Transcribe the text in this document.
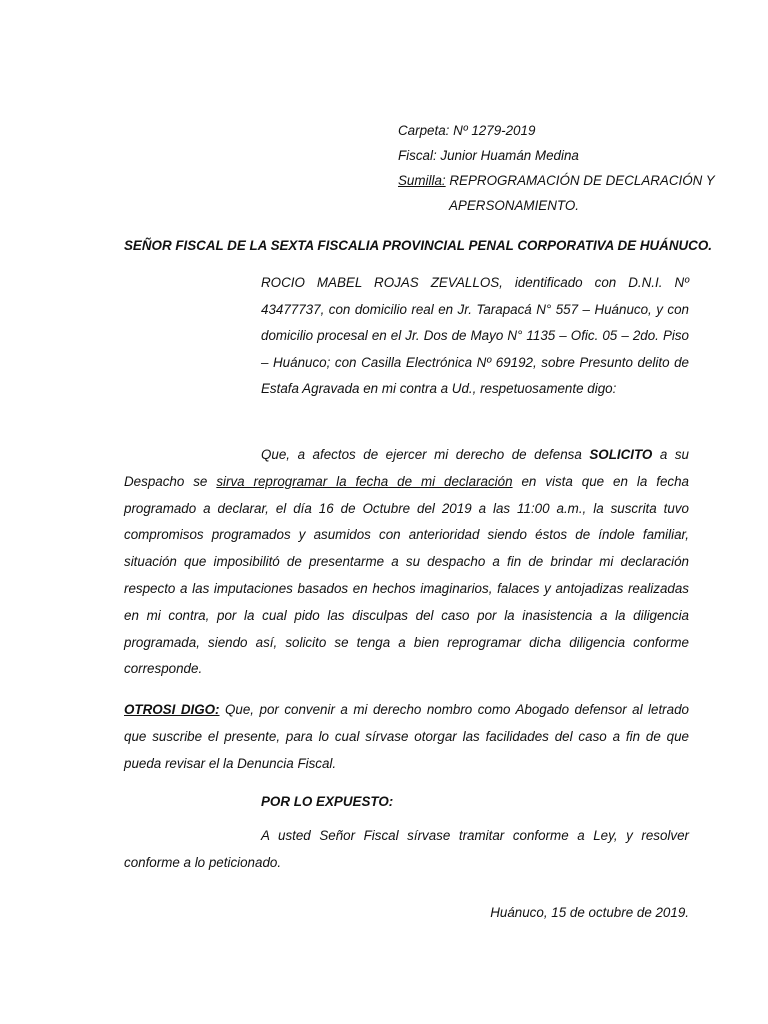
Carpeta: Nº 1279-2019
Fiscal: Junior Huamán Medina
Sumilla: REPROGRAMACIÓN DE DECLARACIÓN Y
APERSONAMIENTO.
SEÑOR FISCAL DE LA SEXTA FISCALIA PROVINCIAL PENAL CORPORATIVA DE HUÁNUCO.
ROCIO MABEL ROJAS ZEVALLOS, identificado con D.N.I. Nº 43477737, con domicilio real en Jr. Tarapacá N° 557 – Huánuco, y con domicilio procesal en el Jr. Dos de Mayo N° 1135 – Ofic. 05 – 2do. Piso – Huánuco; con Casilla Electrónica Nº 69192, sobre Presunto delito de Estafa Agravada en mi contra a Ud., respetuosamente digo:
Que, a afectos de ejercer mi derecho de defensa SOLICITO a su Despacho se sirva reprogramar la fecha de mi declaración en vista que en la fecha programado a declarar, el día 16 de Octubre del 2019 a las 11:00 a.m., la suscrita tuvo compromisos programados y asumidos con anterioridad siendo éstos de índole familiar, situación que imposibilitó de presentarme a su despacho a fin de brindar mi declaración respecto a las imputaciones basados en hechos imaginarios, falaces y antojadizas realizadas en mi contra, por la cual pido las disculpas del caso por la inasistencia a la diligencia programada, siendo así, solicito se tenga a bien reprogramar dicha diligencia conforme corresponde.
OTROSI DIGO: Que, por convenir a mi derecho nombro como Abogado defensor al letrado que suscribe el presente, para lo cual sírvase otorgar las facilidades del caso a fin de que pueda revisar el la Denuncia Fiscal.
POR LO EXPUESTO:
A usted Señor Fiscal sírvase tramitar conforme a Ley, y resolver conforme a lo peticionado.
Huánuco, 15 de octubre de 2019.
